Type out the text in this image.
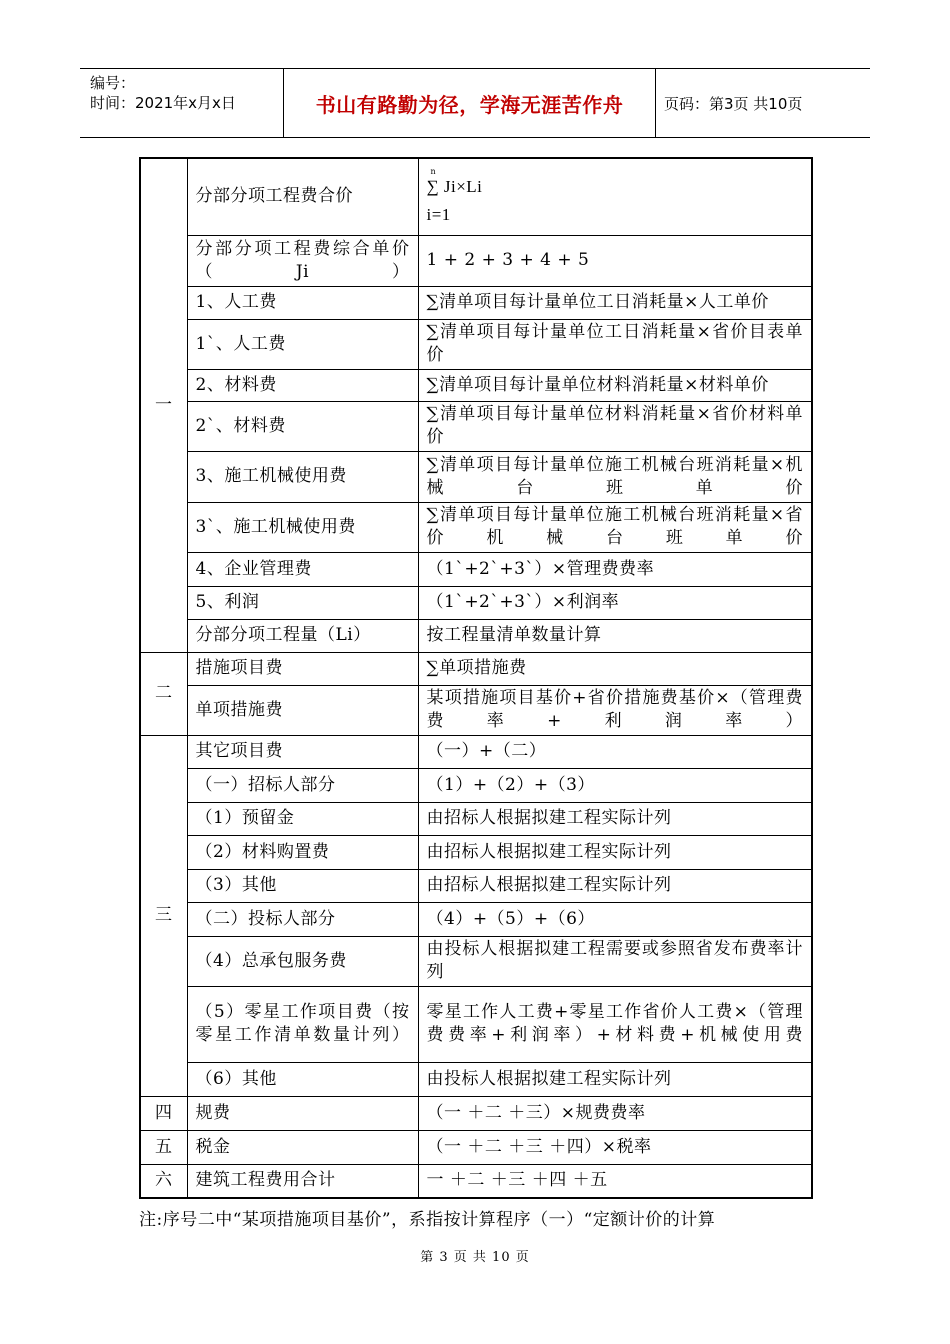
编号：
时间：2021年x月x日	书山有路勤为径，学海无涯苦作舟	页码：第3页 共10页
一	分部分项工程费合价	n
∑ Ji×Li
i=1

	分部分项工程费综合单价（Ji）	1 + 2 + 3 + 4 + 5
	1、人工费	∑清单项目每计量单位工日消耗量×人工单价
	1`、人工费	∑清单项目每计量单位工日消耗量×省价目表单价
	2、材料费	∑清单项目每计量单位材料消耗量×材料单价
	2`、材料费	∑清单项目每计量单位材料消耗量×省价材料单价
	3、施工机械使用费	∑清单项目每计量单位施工机械台班消耗量×机械台班单价
	3`、施工机械使用费	∑清单项目每计量单位施工机械台班消耗量×省价机械台班单价
	4、企业管理费	（1`+2`+3`）×管理费费率
	5、利润	（1`+2`+3`）×利润率
	分部分项工程量（Li）	按工程量清单数量计算
二	措施项目费	∑单项措施费
	单项措施费	某项措施项目基价+省价措施费基价×（管理费费率+利润率）
三	其它项目费	（一）+（二）
	（一）招标人部分	（1）+（2）+（3）
	（1）预留金	由招标人根据拟建工程实际计列
	（2）材料购置费	由招标人根据拟建工程实际计列
	（3）其他	由招标人根据拟建工程实际计列
	（二）投标人部分	（4）+（5）+（6）
	（4）总承包服务费	由投标人根据拟建工程需要或参照省发布费率计列
	（5）零星工作项目费（按零星工作清单数量计列）	零星工作人工费+零星工作省价人工费×（管理费费率+利润率）+材料费+机械使用费
	（6）其他	由投标人根据拟建工程实际计列
四	规费	（一 ＋二 ＋三）×规费费率
五	税金	（一 ＋二 ＋三 ＋四）×税率
六	建筑工程费用合计	一 ＋二 ＋三 ＋四 ＋五
注:序号二中“某项措施项目基价”，系指按计算程序（一）“定额计价的计算
第 3 页 共 10 页
